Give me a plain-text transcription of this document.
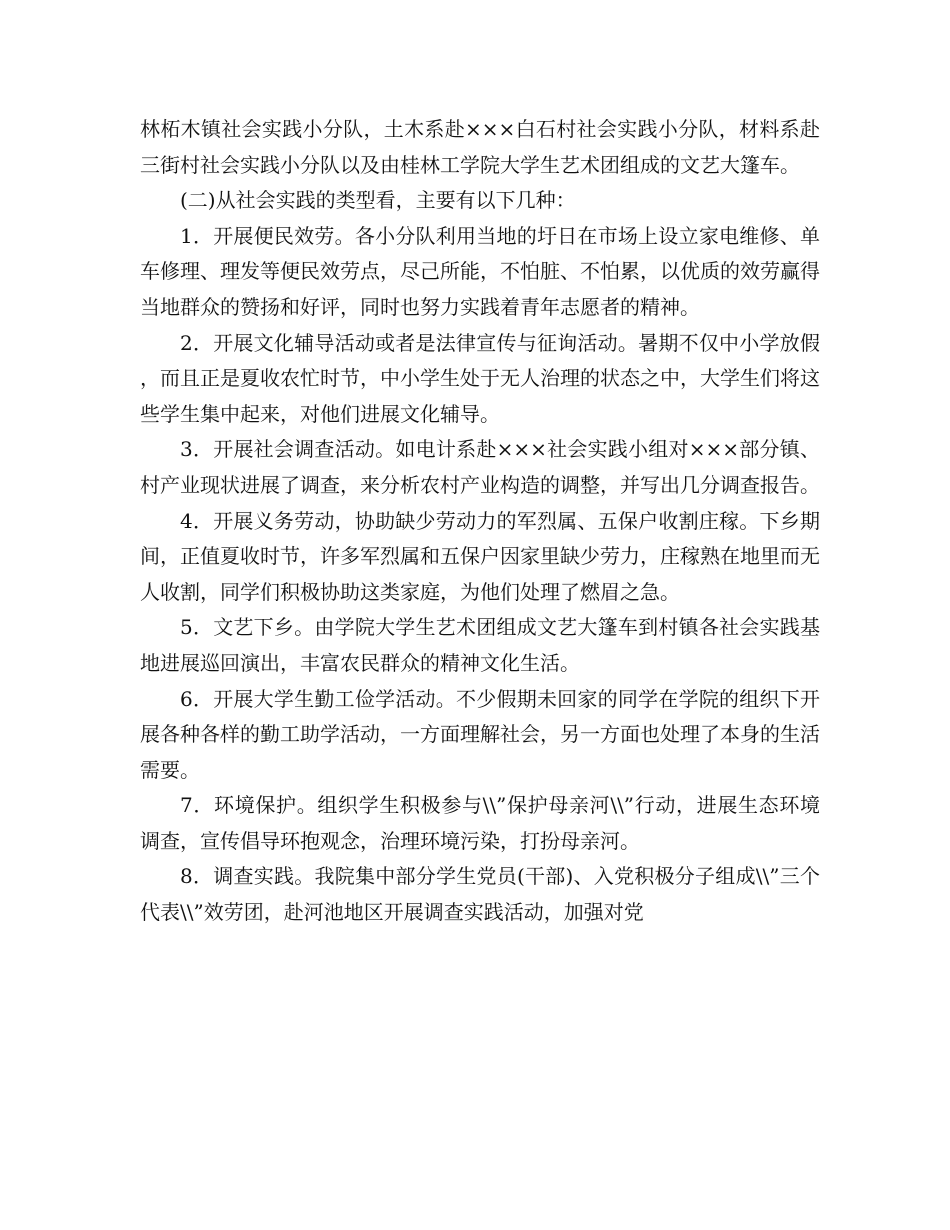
林柘木镇社会实践小分队，土木系赴×××白石村社会实践小分队，材料系赴三街村社会实践小分队以及由桂林工学院大学生艺术团组成的文艺大篷车。

(二)从社会实践的类型看，主要有以下几种：

1．开展便民效劳。各小分队利用当地的圩日在市场上设立家电维修、单车修理、理发等便民效劳点，尽己所能，不怕脏、不怕累，以优质的效劳赢得当地群众的赞扬和好评，同时也努力实践着青年志愿者的精神。

2．开展文化辅导活动或者是法律宣传与征询活动。暑期不仅中小学放假，而且正是夏收农忙时节，中小学生处于无人治理的状态之中，大学生们将这些学生集中起来，对他们进展文化辅导。

3．开展社会调查活动。如电计系赴×××社会实践小组对×××部分镇、村产业现状进展了调查，来分析农村产业构造的调整，并写出几分调查报告。

4．开展义务劳动，协助缺少劳动力的军烈属、五保户收割庄稼。下乡期间，正值夏收时节，许多军烈属和五保户因家里缺少劳力，庄稼熟在地里而无人收割，同学们积极协助这类家庭，为他们处理了燃眉之急。

5．文艺下乡。由学院大学生艺术团组成文艺大篷车到村镇各社会实践基地进展巡回演出，丰富农民群众的精神文化生活。

6．开展大学生勤工俭学活动。不少假期未回家的同学在学院的组织下开展各种各样的勤工助学活动，一方面理解社会，另一方面也处理了本身的生活需要。

7．环境保护。组织学生积极参与\\”保护母亲河\\”行动，进展生态环境调查，宣传倡导环抱观念，治理环境污染，打扮母亲河。

8．调查实践。我院集中部分学生党员(干部)、入党积极分子组成\\”三个代表\\”效劳团，赴河池地区开展调查实践活动，加强对党
